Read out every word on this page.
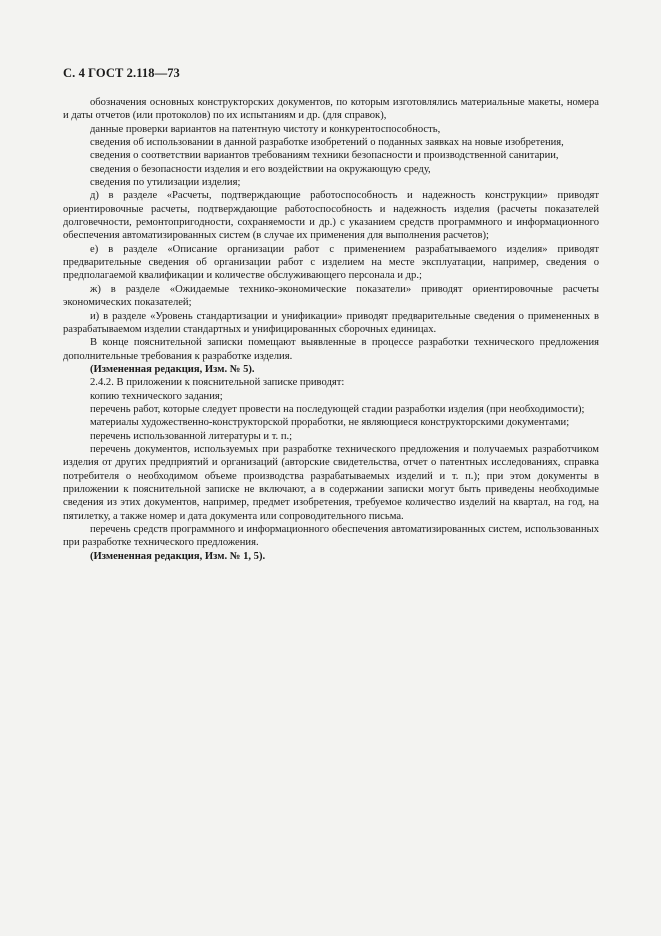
С. 4 ГОСТ 2.118—73

обозначения основных конструкторских документов, по которым изготовлялись материальные макеты, номера и даты отчетов (или протоколов) по их испытаниям и др. (для справок),

данные проверки вариантов на патентную чистоту и конкурентоспособность,

сведения об использовании в данной разработке изобретений о поданных заявках на новые изобретения,

сведения о соответствии вариантов требованиям техники безопасности и производственной санитарии,

сведения о безопасности изделия и его воздействии на окружающую среду,

сведения по утилизации изделия;

д) в разделе «Расчеты, подтверждающие работоспособность и надежность конструкции» приводят ориентировочные расчеты, подтверждающие работоспособность и надежность изделия (расчеты показателей долговечности, ремонтопригодности, сохраняемости и др.) с указанием средств программного и информационного обеспечения автоматизированных систем (в случае их применения для выполнения расчетов);

е) в разделе «Описание организации работ с применением разрабатываемого изделия» приводят предварительные сведения об организации работ с изделием на месте эксплуатации, например, сведения о предполагаемой квалификации и количестве обслуживающего персонала и др.;

ж) в разделе «Ожидаемые технико-экономические показатели» приводят ориентировочные расчеты экономических показателей;

и) в разделе «Уровень стандартизации и унификации» приводят предварительные сведения о примененных в разрабатываемом изделии стандартных и унифицированных сборочных единицах.

В конце пояснительной записки помещают выявленные в процессе разработки технического предложения дополнительные требования к разработке изделия.

(Измененная редакция, Изм. № 5).

2.4.2. В приложении к пояснительной записке приводят:

копию технического задания;

перечень работ, которые следует провести на последующей стадии разработки изделия (при необходимости);

материалы художественно-конструкторской проработки, не являющиеся конструкторскими документами;

перечень использованной литературы и т. п.;

перечень документов, используемых при разработке технического предложения и получаемых разработчиком изделия от других предприятий и организаций (авторские свидетельства, отчет о патентных исследованиях, справка потребителя о необходимом объеме производства разрабатываемых изделий и т. п.); при этом документы в приложении к пояснительной записке не включают, а в содержании записки могут быть приведены необходимые сведения из этих документов, например, предмет изобретения, требуемое количество изделий на квартал, на год, на пятилетку, а также номер и дата документа или сопроводительного письма.

перечень средств программного и информационного обеспечения автоматизированных систем, использованных при разработке технического предложения.

(Измененная редакция, Изм. № 1, 5).
